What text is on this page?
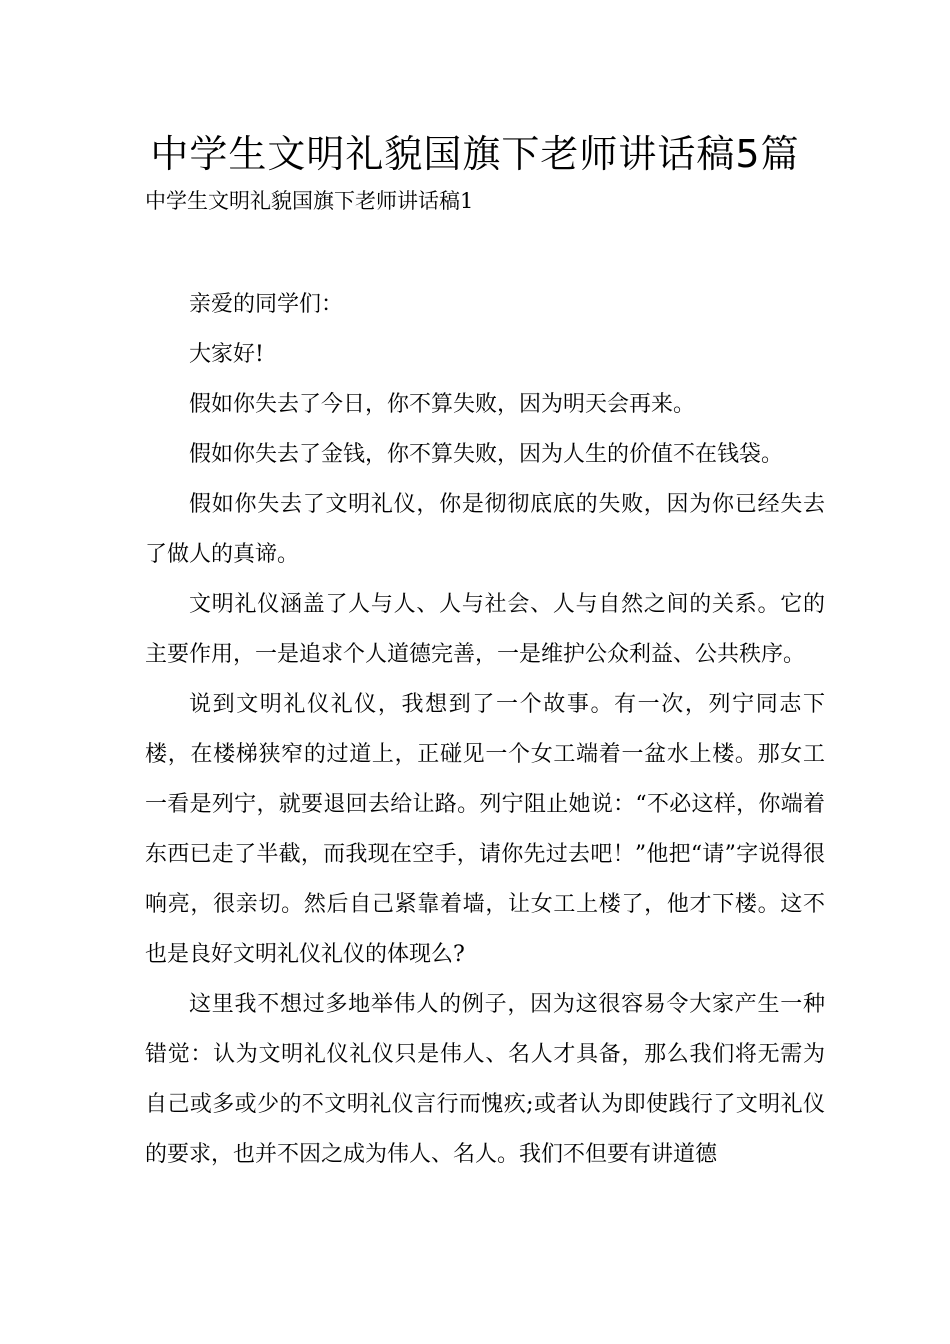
中学生文明礼貌国旗下老师讲话稿5篇
中学生文明礼貌国旗下老师讲话稿1

亲爱的同学们：

大家好!

假如你失去了今日，你不算失败，因为明天会再来。

假如你失去了金钱，你不算失败，因为人生的价值不在钱袋。

假如你失去了文明礼仪，你是彻彻底底的失败，因为你已经失去了做人的真谛。

文明礼仪涵盖了人与人、人与社会、人与自然之间的关系。它的主要作用，一是追求个人道德完善，一是维护公众利益、公共秩序。

说到文明礼仪礼仪，我想到了一个故事。有一次，列宁同志下楼，在楼梯狭窄的过道上，正碰见一个女工端着一盆水上楼。那女工一看是列宁，就要退回去给让路。列宁阻止她说：“不必这样，你端着东西已走了半截，而我现在空手，请你先过去吧！”他把“请”字说得很响亮，很亲切。然后自己紧靠着墙，让女工上楼了，他才下楼。这不也是良好文明礼仪礼仪的体现么?

这里我不想过多地举伟人的例子，因为这很容易令大家产生一种错觉：认为文明礼仪礼仪只是伟人、名人才具备，那么我们将无需为自己或多或少的不文明礼仪言行而愧疚;或者认为即使践行了文明礼仪的要求，也并不因之成为伟人、名人。我们不但要有讲道德
